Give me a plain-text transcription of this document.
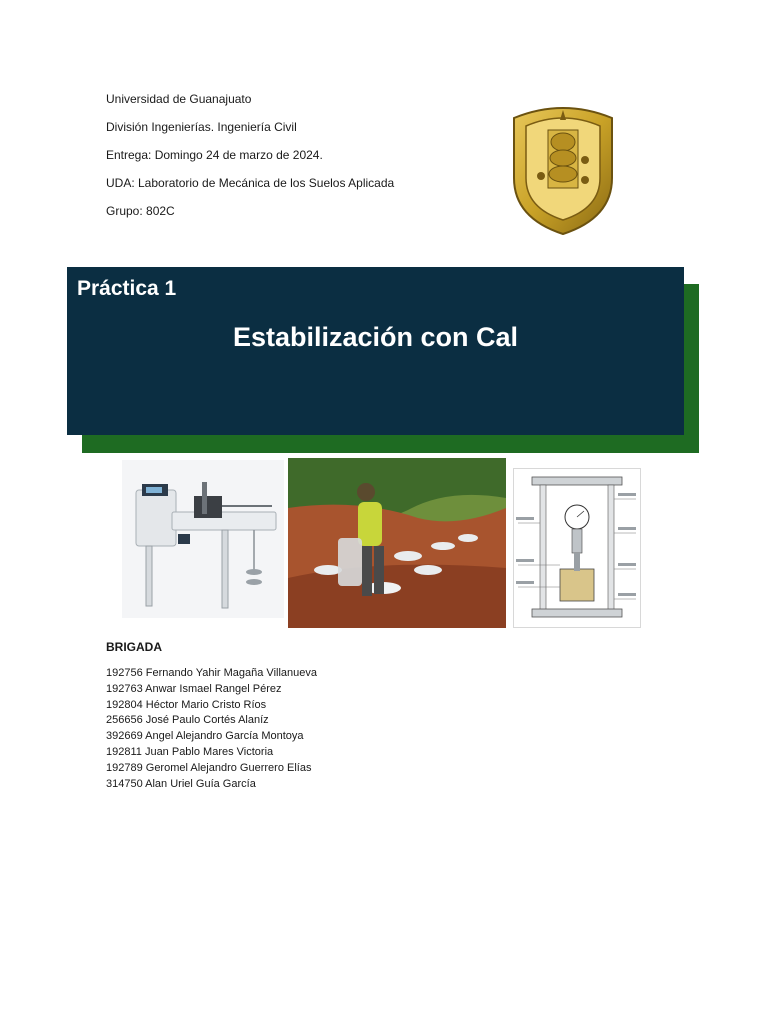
Universidad de Guanajuato
División Ingenierías. Ingeniería Civil
Entrega: Domingo 24 de marzo de 2024.
UDA: Laboratorio de Mecánica de los Suelos Aplicada
Grupo: 802C
Práctica 1
Estabilización con Cal
BRIGADA
192756 Fernando Yahir Magaña Villanueva
192763 Anwar Ismael Rangel Pérez
192804 Héctor Mario Cristo Ríos
256656 José Paulo Cortés Alaníz
392669 Angel Alejandro García Montoya
192811 Juan Pablo Mares Victoria
192789 Geromel Alejandro Guerrero Elías
314750 Alan Uriel Guía García
